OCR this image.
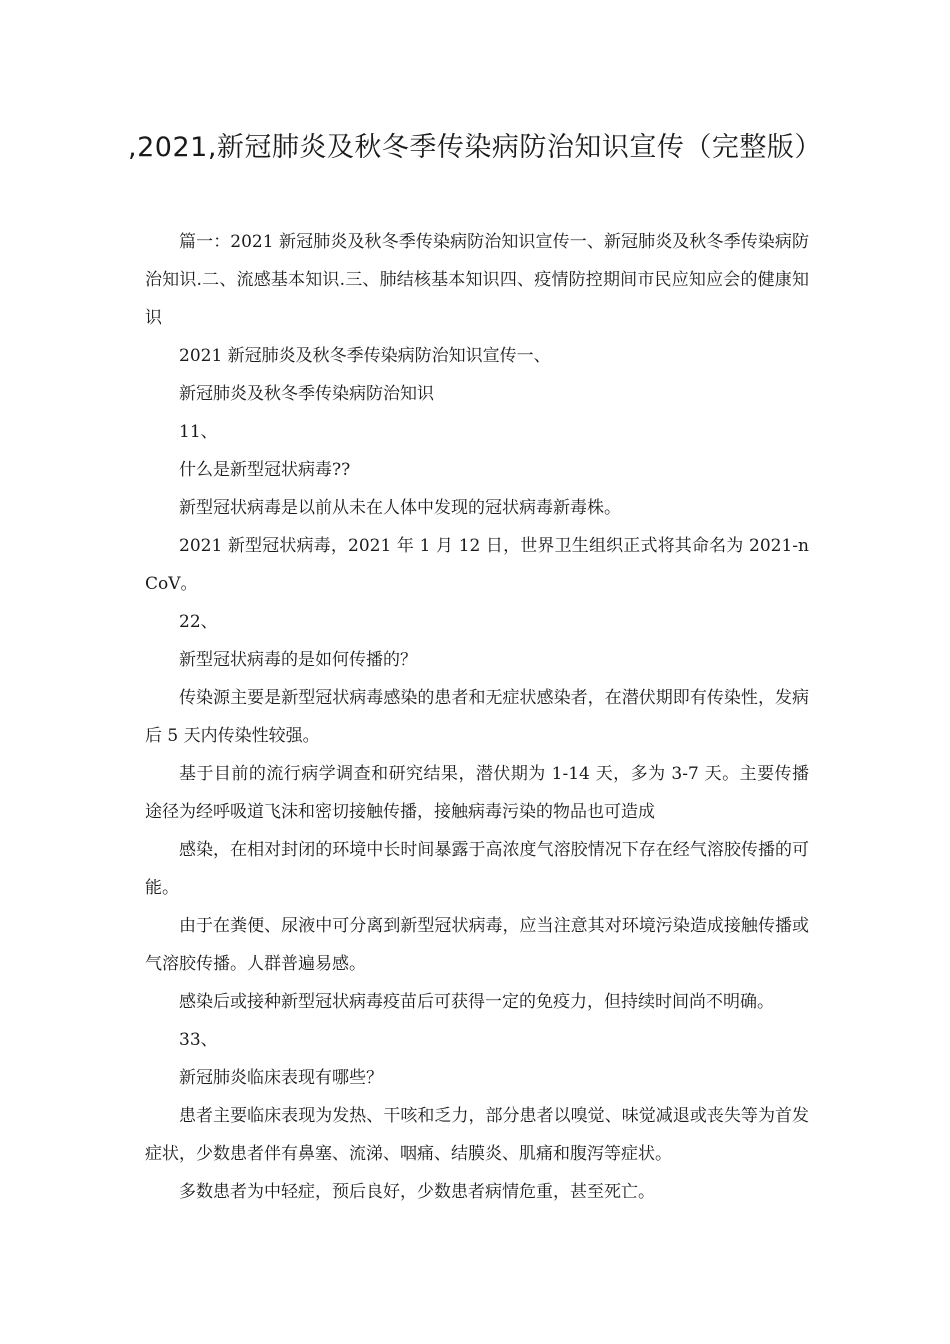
,2021,新冠肺炎及秋冬季传染病防治知识宣传（完整版）

篇一：2021 新冠肺炎及秋冬季传染病防治知识宣传一、新冠肺炎及秋冬季传染病防治知识.二、流感基本知识.三、肺结核基本知识四、疫情防控期间市民应知应会的健康知识

2021 新冠肺炎及秋冬季传染病防治知识宣传一、

新冠肺炎及秋冬季传染病防治知识

11、

什么是新型冠状病毒??

新型冠状病毒是以前从未在人体中发现的冠状病毒新毒株。

2021 新型冠状病毒，2021 年 1 月 12 日，世界卫生组织正式将其命名为 2021-nCoV。

22、

新型冠状病毒的是如何传播的？

传染源主要是新型冠状病毒感染的患者和无症状感染者，在潜伏期即有传染性，发病后 5 天内传染性较强。

基于目前的流行病学调查和研究结果，潜伏期为 1-14 天，多为 3-7 天。主要传播途径为经呼吸道飞沫和密切接触传播，接触病毒污染的物品也可造成

感染，在相对封闭的环境中长时间暴露于高浓度气溶胶情况下存在经气溶胶传播的可能。

由于在粪便、尿液中可分离到新型冠状病毒，应当注意其对环境污染造成接触传播或气溶胶传播。人群普遍易感。

感染后或接种新型冠状病毒疫苗后可获得一定的免疫力，但持续时间尚不明确。

33、

新冠肺炎临床表现有哪些？

患者主要临床表现为发热、干咳和乏力，部分患者以嗅觉、味觉减退或丧失等为首发症状，少数患者伴有鼻塞、流涕、咽痛、结膜炎、肌痛和腹泻等症状。

多数患者为中轻症，预后良好，少数患者病情危重，甚至死亡。
